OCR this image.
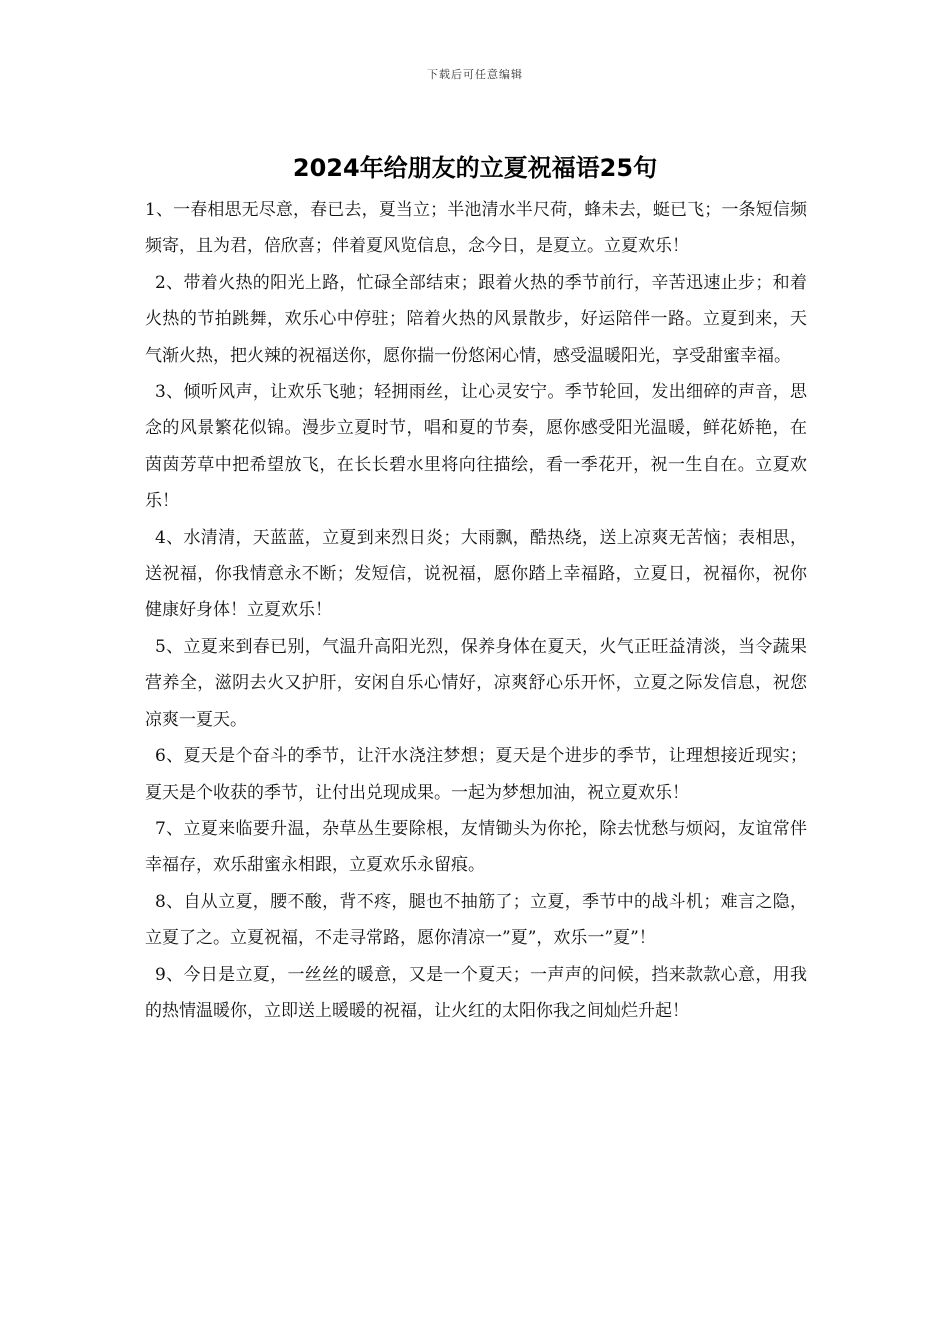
下载后可任意编辑
2024年给朋友的立夏祝福语25句

1、一春相思无尽意，春已去，夏当立；半池清水半尺荷，蜂未去，蜓已飞；一条短信频频寄，且为君，倍欣喜；伴着夏风览信息，念今日，是夏立。立夏欢乐！

2、带着火热的阳光上路，忙碌全部结束；跟着火热的季节前行，辛苦迅速止步；和着火热的节拍跳舞，欢乐心中停驻；陪着火热的风景散步，好运陪伴一路。立夏到来，天气渐火热，把火辣的祝福送你，愿你揣一份悠闲心情，感受温暖阳光，享受甜蜜幸福。

3、倾听风声，让欢乐飞驰；轻拥雨丝，让心灵安宁。季节轮回，发出细碎的声音，思念的风景繁花似锦。漫步立夏时节，唱和夏的节奏，愿你感受阳光温暖，鲜花娇艳，在茵茵芳草中把希望放飞，在长长碧水里将向往描绘，看一季花开，祝一生自在。立夏欢乐！

4、水清清，天蓝蓝，立夏到来烈日炎；大雨飘，酷热绕，送上凉爽无苦恼；表相思，送祝福，你我情意永不断；发短信，说祝福，愿你踏上幸福路，立夏日，祝福你，祝你健康好身体！立夏欢乐！

5、立夏来到春已别，气温升高阳光烈，保养身体在夏天，火气正旺益清淡，当令蔬果营养全，滋阴去火又护肝，安闲自乐心情好，凉爽舒心乐开怀，立夏之际发信息，祝您凉爽一夏天。

6、夏天是个奋斗的季节，让汗水浇注梦想；夏天是个进步的季节，让理想接近现实；夏天是个收获的季节，让付出兑现成果。一起为梦想加油，祝立夏欢乐！

7、立夏来临要升温，杂草丛生要除根，友情锄头为你抡，除去忧愁与烦闷，友谊常伴幸福存，欢乐甜蜜永相跟，立夏欢乐永留痕。

8、自从立夏，腰不酸，背不疼，腿也不抽筋了；立夏，季节中的战斗机；难言之隐，立夏了之。立夏祝福，不走寻常路，愿你清凉一”夏”，欢乐一”夏”！

9、今日是立夏，一丝丝的暖意，又是一个夏天；一声声的问候，挡来款款心意，用我的热情温暖你，立即送上暖暖的祝福，让火红的太阳你我之间灿烂升起！
